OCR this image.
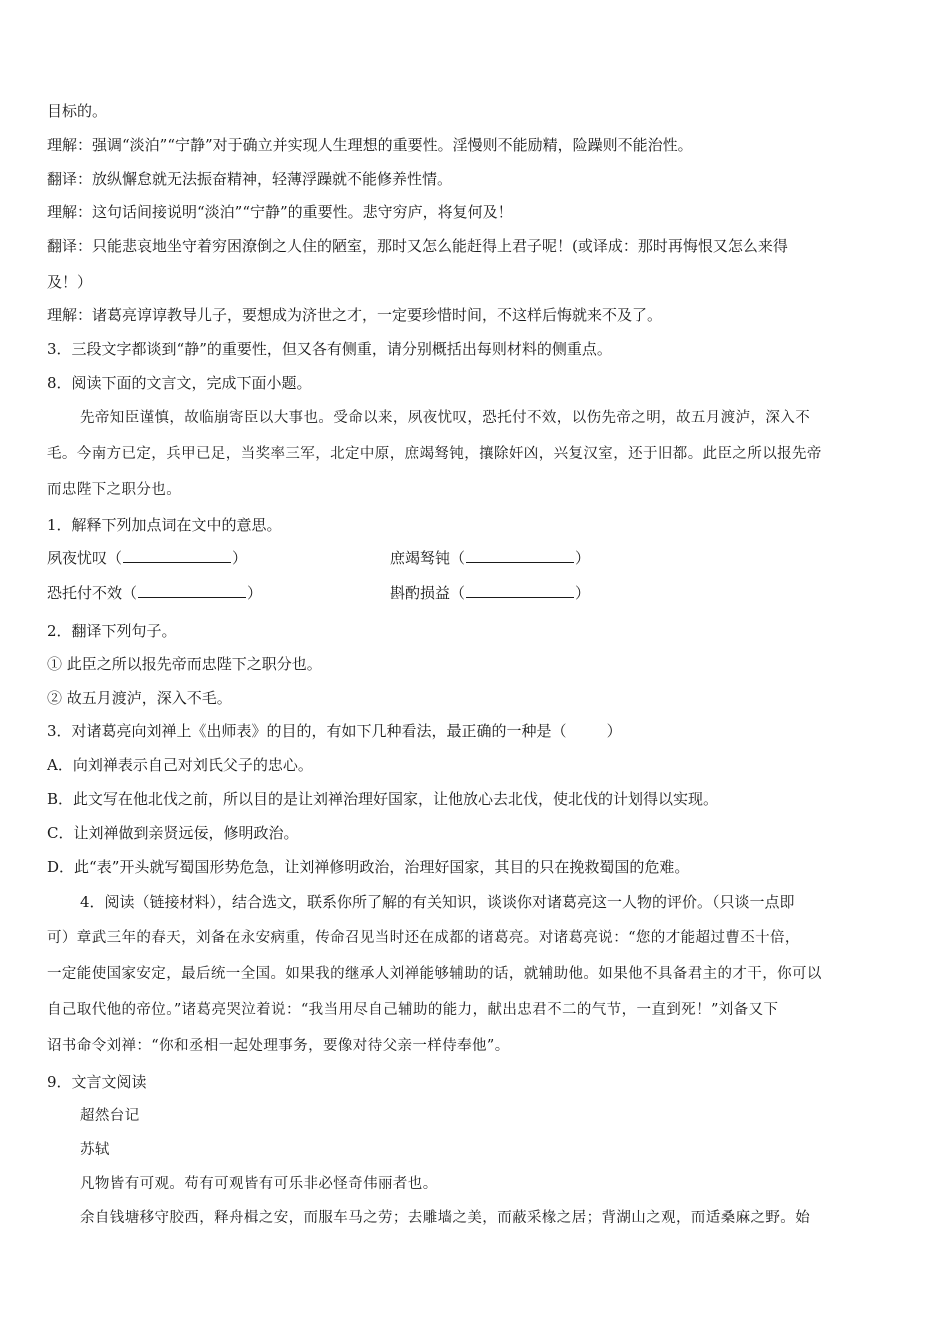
目标的。
理解：强调“淡泊”“宁静”对于确立并实现人生理想的重要性。淫慢则不能励精，险躁则不能治性。
翻译：放纵懈怠就无法振奋精神，轻薄浮躁就不能修养性情。
理解：这句话间接说明“淡泊”“宁静”的重要性。悲守穷庐，将复何及！
翻译：只能悲哀地坐守着穷困潦倒之人住的陋室，那时又怎么能赶得上君子呢！(或译成：那时再悔恨又怎么来得
及！）
理解：诸葛亮谆谆教导儿子，要想成为济世之才，一定要珍惜时间，不这样后悔就来不及了。
3．三段文字都谈到“静”的重要性，但又各有侧重，请分别概括出每则材料的侧重点。
8．阅读下面的文言文，完成下面小题。
先帝知臣谨慎，故临崩寄臣以大事也。受命以来，夙夜忧叹，恐托付不效，以伤先帝之明，故五月渡泸，深入不
毛。今南方已定，兵甲已足，当奖率三军，北定中原，庶竭驽钝，攘除奸凶，兴复汉室，还于旧都。此臣之所以报先帝
而忠陛下之职分也。
1．解释下列加点词在文中的意思。
夙夜忧叹（	）	庶竭驽钝（	）
恐托付不效（	）	斟酌损益（	）
2．翻译下列句子。
① 此臣之所以报先帝而忠陛下之职分也。
② 故五月渡泸，深入不毛。
3．对诸葛亮向刘禅上《出师表》的目的，有如下几种看法，最正确的一种是（	）
A．向刘禅表示自己对刘氏父子的忠心。
B．此文写在他北伐之前，所以目的是让刘禅治理好国家，让他放心去北伐，使北伐的计划得以实现。
C．让刘禅做到亲贤远佞，修明政治。
D．此“表”开头就写蜀国形势危急，让刘禅修明政治，治理好国家，其目的只在挽救蜀国的危难。
4．阅读（链接材料），结合选文，联系你所了解的有关知识，谈谈你对诸葛亮这一人物的评价。（只谈一点即
可）章武三年的春天，刘备在永安病重，传命召见当时还在成都的诸葛亮。对诸葛亮说：“您的才能超过曹丕十倍，
一定能使国家安定，最后统一全国。如果我的继承人刘禅能够辅助的话，就辅助他。如果他不具备君主的才干，你可以
自己取代他的帝位。”诸葛亮哭泣着说：“我当用尽自己辅助的能力，献出忠君不二的气节，一直到死！”刘备又下
诏书命令刘禅：“你和丞相一起处理事务，要像对待父亲一样侍奉他”。
9．文言文阅读
超然台记
苏轼
凡物皆有可观。苟有可观皆有可乐非必怪奇伟丽者也。
余自钱塘移守胶西，释舟楫之安，而服车马之劳；去雕墙之美，而蔽采椽之居；背湖山之观，而适桑麻之野。始
